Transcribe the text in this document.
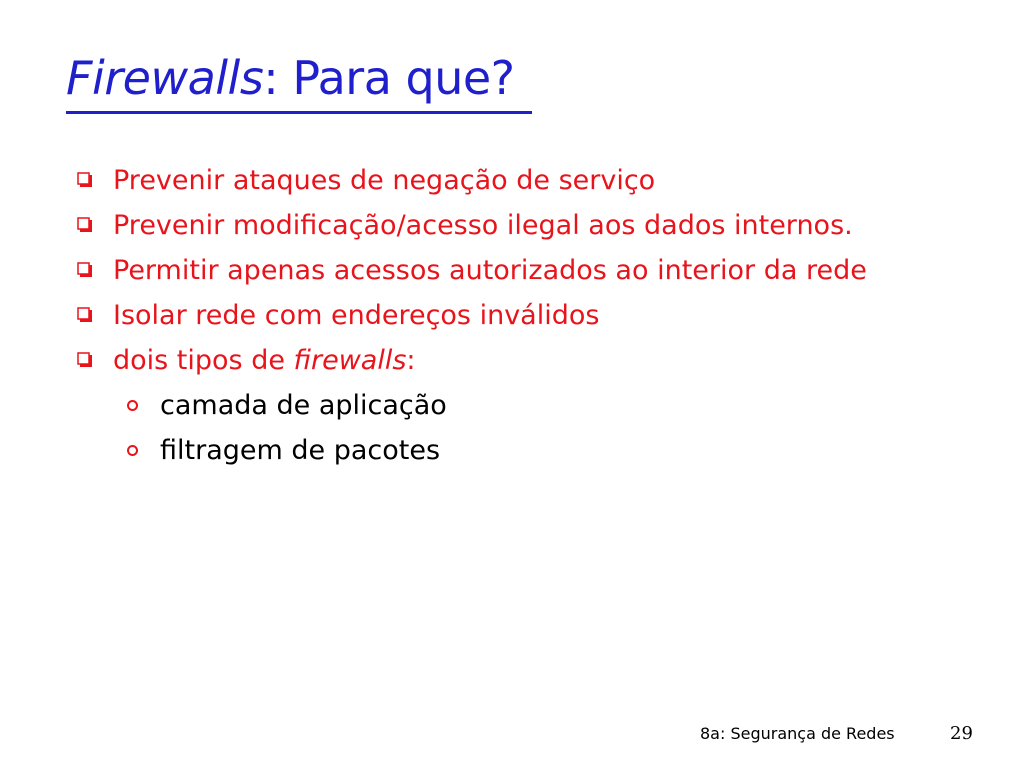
Firewalls: Para que?
Prevenir ataques de negação de serviço
Prevenir modificação/acesso ilegal aos dados internos.
Permitir apenas acessos autorizados ao interior da rede
Isolar rede com endereços inválidos
dois tipos de firewalls:
camada de aplicação
filtragem de pacotes
8a: Segurança de Redes	29
